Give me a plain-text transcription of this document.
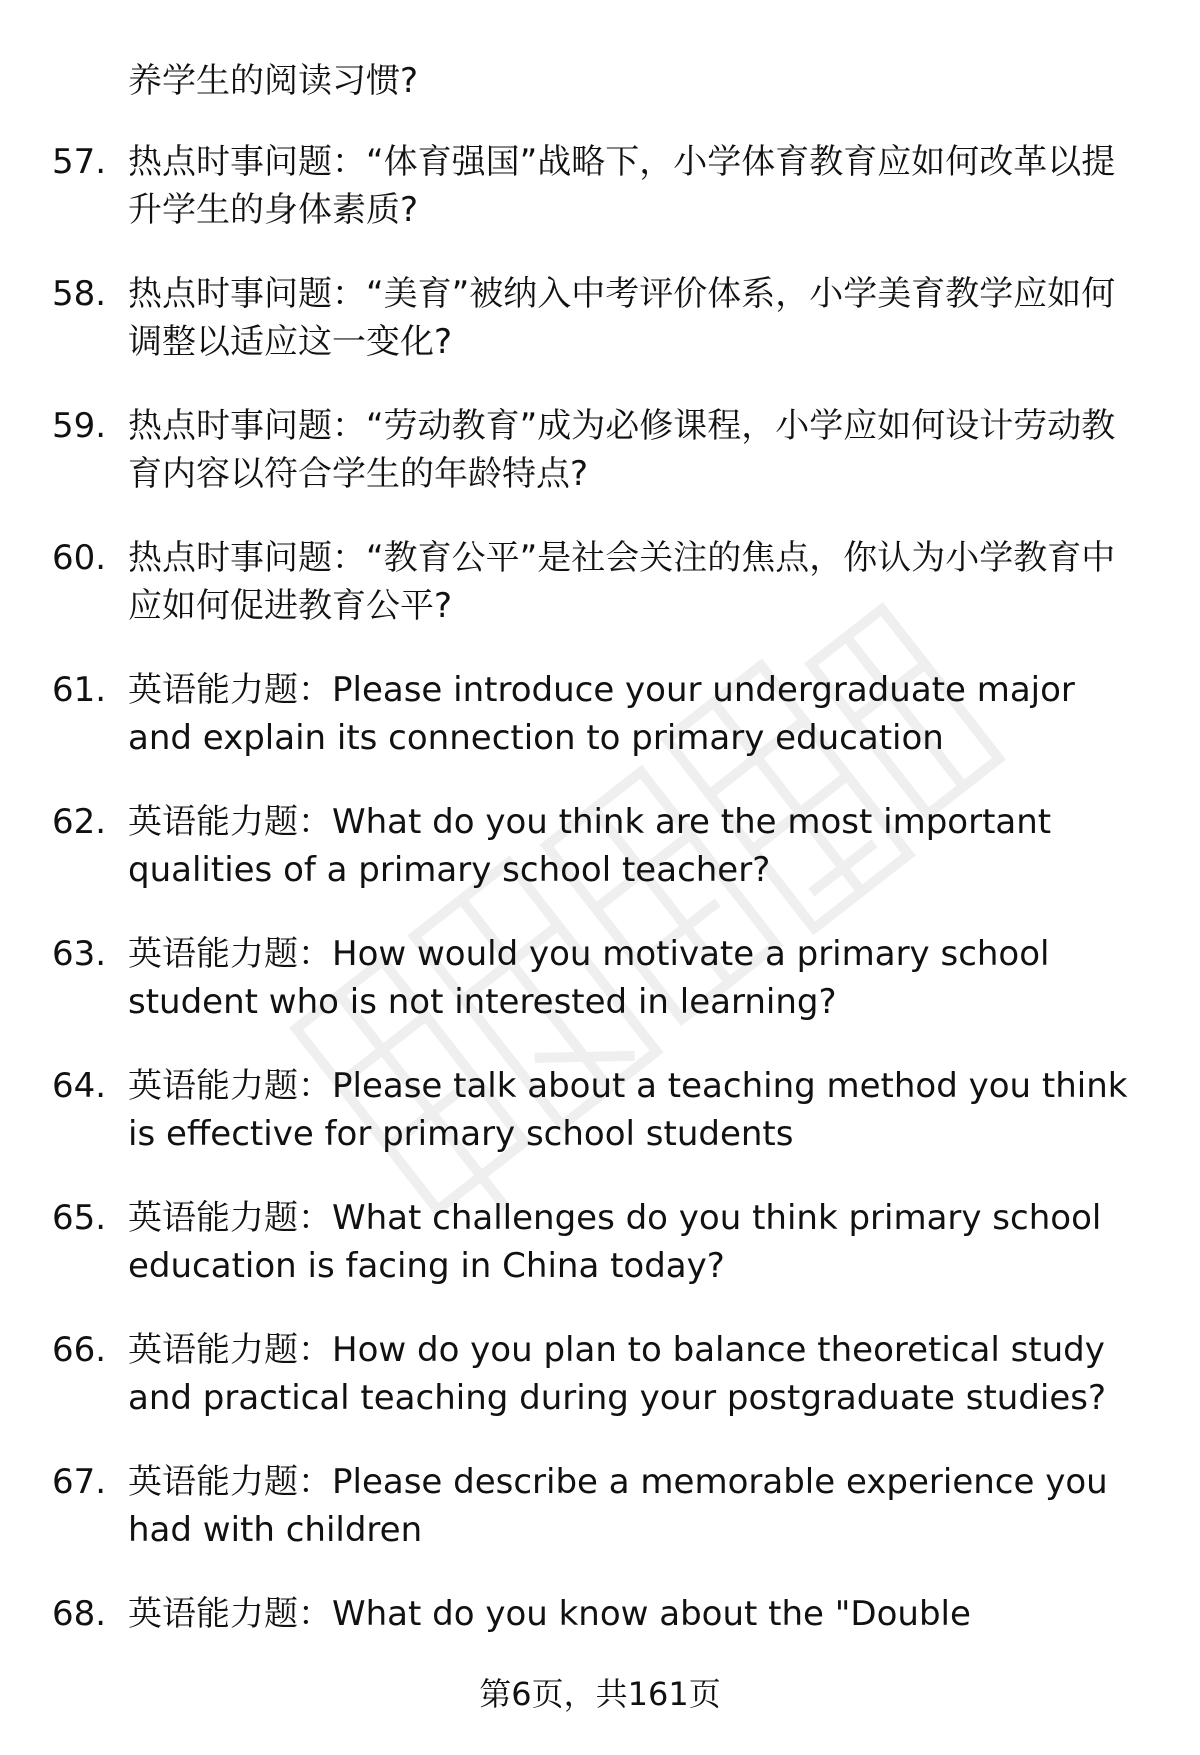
养学生的阅读习惯?
57. 热点时事问题：“体育强国”战略下，小学体育教育应如何改革以提升学生的身体素质?
58. 热点时事问题：“美育”被纳入中考评价体系，小学美育教学应如何调整以适应这一变化?
59. 热点时事问题：“劳动教育”成为必修课程，小学应如何设计劳动教育内容以符合学生的年龄特点?
60. 热点时事问题：“教育公平”是社会关注的焦点，你认为小学教育中应如何促进教育公平?
61. 英语能力题：Please introduce your undergraduate major and explain its connection to primary education
62. 英语能力题：What do you think are the most important qualities of a primary school teacher?
63. 英语能力题：How would you motivate a primary school student who is not interested in learning?
64. 英语能力题：Please talk about a teaching method you think is effective for primary school students
65. 英语能力题：What challenges do you think primary school education is facing in China today?
66. 英语能力题：How do you plan to balance theoretical study and practical teaching during your postgraduate studies?
67. 英语能力题：Please describe a memorable experience you had with children
68. 英语能力题：What do you know about the "Double
第6页，共161页
